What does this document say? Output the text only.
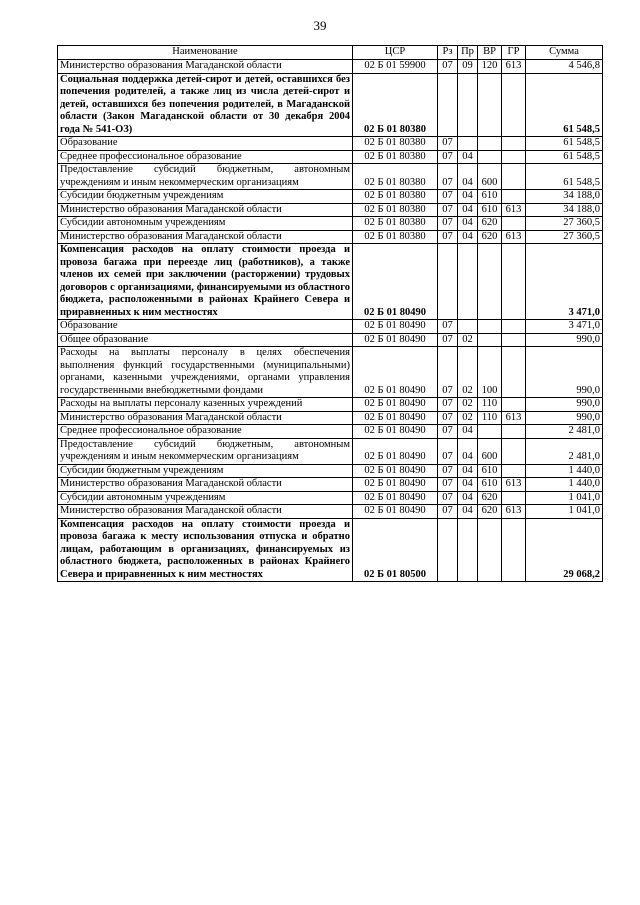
39
Наименование	ЦСР	Рз	Пр	ВР	ГР	Сумма
Министерство образования Магаданской области	02 Б 01 59900	07	09	120	613	4 546,8
Социальная поддержка детей-сирот и детей, оставшихся без попечения родителей, а также лиц из числа детей-сирот и детей, оставшихся без попечения родителей, в Магаданской области (Закон Магаданской области от 30 декабря 2004 года № 541-ОЗ)	02 Б 01 80380					61 548,5
Образование	02 Б 01 80380	07				61 548,5
Среднее профессиональное образование	02 Б 01 80380	07	04			61 548,5
Предоставление субсидий бюджетным, автономным учреждениям и иным некоммерческим организациям	02 Б 01 80380	07	04	600		61 548,5
Субсидии бюджетным учреждениям	02 Б 01 80380	07	04	610		34 188,0
Министерство образования Магаданской области	02 Б 01 80380	07	04	610	613	34 188,0
Субсидии автономным учреждениям	02 Б 01 80380	07	04	620		27 360,5
Министерство образования Магаданской области	02 Б 01 80380	07	04	620	613	27 360,5
Компенсация расходов на оплату стоимости проезда и провоза багажа при переезде лиц (работников), а также членов их семей при заключении (расторжении) трудовых договоров с организациями, финансируемыми из областного бюджета, расположенными в районах Крайнего Севера и приравненных к ним местностях	02 Б 01 80490					3 471,0
Образование	02 Б 01 80490	07				3 471,0
Общее образование	02 Б 01 80490	07	02			990,0
Расходы на выплаты персоналу в целях обеспечения выполнения функций государственными (муниципальными) органами, казенными учреждениями, органами управления государственными внебюджетными фондами	02 Б 01 80490	07	02	100		990,0
Расходы на выплаты персоналу казенных учреждений	02 Б 01 80490	07	02	110		990,0
Министерство образования Магаданской области	02 Б 01 80490	07	02	110	613	990,0
Среднее профессиональное образование	02 Б 01 80490	07	04			2 481,0
Предоставление субсидий бюджетным, автономным учреждениям и иным некоммерческим организациям	02 Б 01 80490	07	04	600		2 481,0
Субсидии бюджетным учреждениям	02 Б 01 80490	07	04	610		1 440,0
Министерство образования Магаданской области	02 Б 01 80490	07	04	610	613	1 440,0
Субсидии автономным учреждениям	02 Б 01 80490	07	04	620		1 041,0
Министерство образования Магаданской области	02 Б 01 80490	07	04	620	613	1 041,0
Компенсация расходов на оплату стоимости проезда и провоза багажа к месту использования отпуска и обратно лицам, работающим в организациях, финансируемых из областного бюджета, расположенных в районах Крайнего Севера и приравненных к ним местностях	02 Б 01 80500					29 068,2
